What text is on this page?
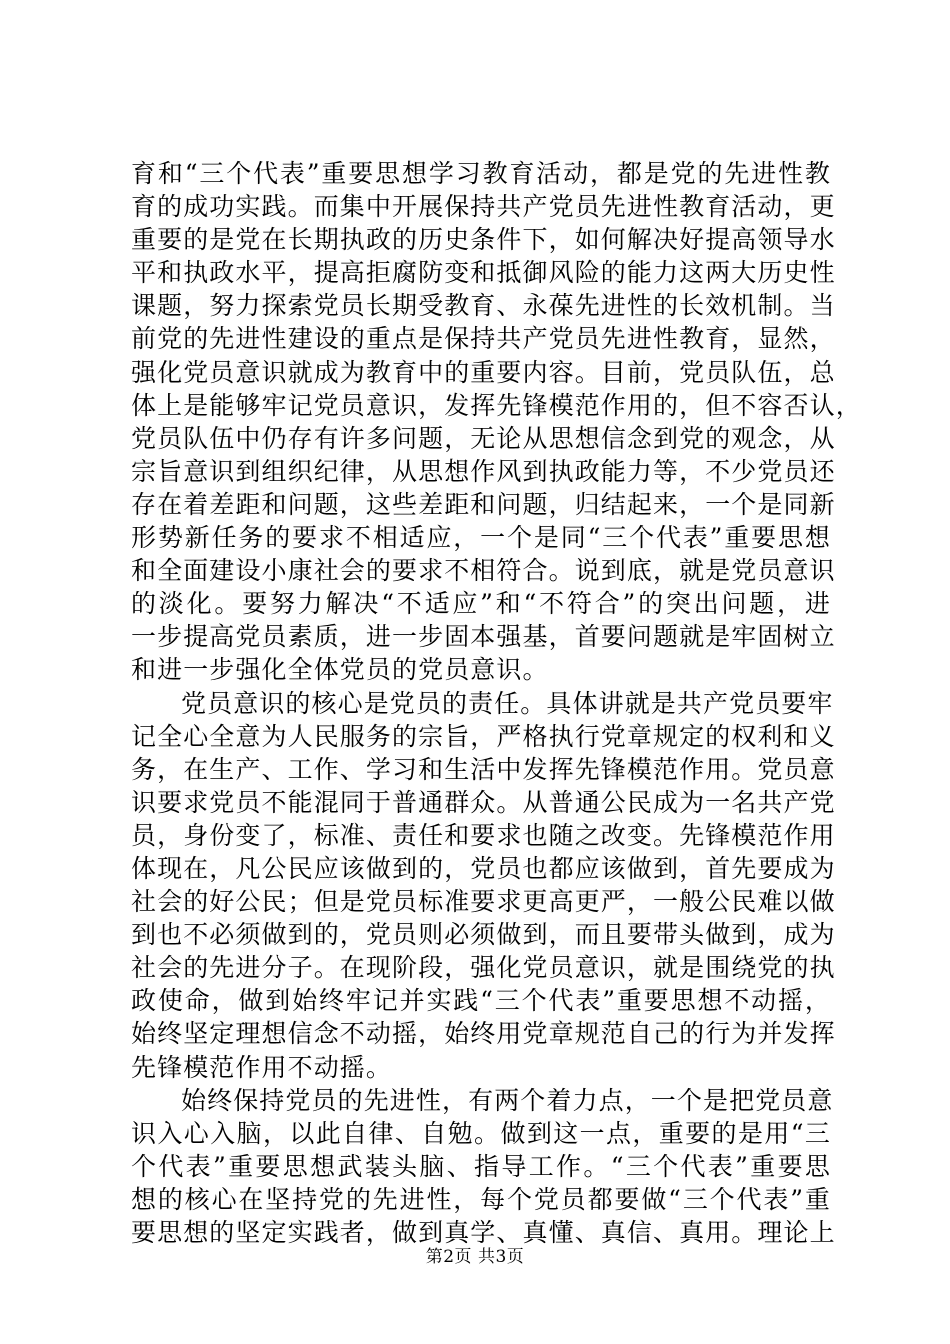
育和“三个代表”重要思想学习教育活动，都是党的先进性教
育的成功实践。而集中开展保持共产党员先进性教育活动，更
重要的是党在长期执政的历史条件下，如何解决好提高领导水
平和执政水平，提高拒腐防变和抵御风险的能力这两大历史性
课题，努力探索党员长期受教育、永葆先进性的长效机制。当
前党的先进性建设的重点是保持共产党员先进性教育，显然，
强化党员意识就成为教育中的重要内容。目前，党员队伍，总
体上是能够牢记党员意识，发挥先锋模范作用的，但不容否认，
党员队伍中仍存有许多问题，无论从思想信念到党的观念，从
宗旨意识到组织纪律，从思想作风到执政能力等，不少党员还
存在着差距和问题，这些差距和问题，归结起来，一个是同新
形势新任务的要求不相适应，一个是同“三个代表”重要思想
和全面建设小康社会的要求不相符合。说到底，就是党员意识
的淡化。要努力解决“不适应”和“不符合”的突出问题，进
一步提高党员素质，进一步固本强基，首要问题就是牢固树立
和进一步强化全体党员的党员意识。
党员意识的核心是党员的责任。具体讲就是共产党员要牢
记全心全意为人民服务的宗旨，严格执行党章规定的权利和义
务，在生产、工作、学习和生活中发挥先锋模范作用。党员意
识要求党员不能混同于普通群众。从普通公民成为一名共产党
员，身份变了，标准、责任和要求也随之改变。先锋模范作用
体现在，凡公民应该做到的，党员也都应该做到，首先要成为
社会的好公民；但是党员标准要求更高更严，一般公民难以做
到也不必须做到的，党员则必须做到，而且要带头做到，成为
社会的先进分子。在现阶段，强化党员意识，就是围绕党的执
政使命，做到始终牢记并实践“三个代表”重要思想不动摇，
始终坚定理想信念不动摇，始终用党章规范自己的行为并发挥
先锋模范作用不动摇。
始终保持党员的先进性，有两个着力点，一个是把党员意
识入心入脑，以此自律、自勉。做到这一点，重要的是用“三
个代表”重要思想武装头脑、指导工作。“三个代表”重要思
想的核心在坚持党的先进性，每个党员都要做“三个代表”重
要思想的坚定实践者，做到真学、真懂、真信、真用。理论上
第2页 共3页
